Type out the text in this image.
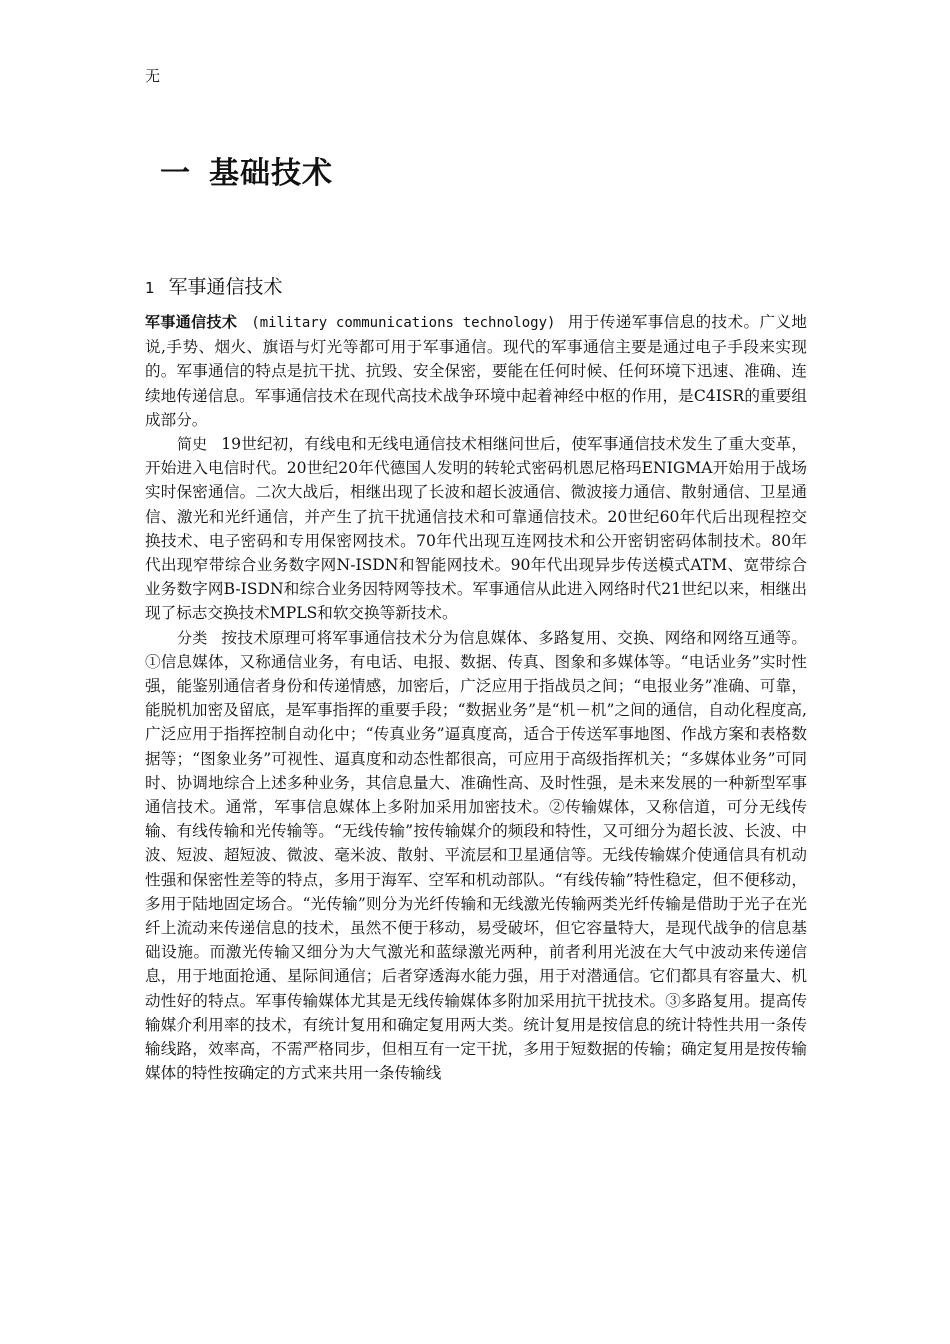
无
一 基础技术
1 军事通信技术

军事通信技术 (military communications technology) 用于传递军事信息的技术。广义地说,手势、烟火、旗语与灯光等都可用于军事通信。现代的军事通信主要是通过电子手段来实现的。军事通信的特点是抗干扰、抗毁、安全保密，要能在任何时候、任何环境下迅速、准确、连续地传递信息。军事通信技术在现代高技术战争环境中起着神经中枢的作用，是C4ISR的重要组成部分。

简史 19世纪初，有线电和无线电通信技术相继问世后，使军事通信技术发生了重大变革，开始进入电信时代。20世纪20年代德国人发明的转轮式密码机恩尼格玛ENIGMA开始用于战场实时保密通信。二次大战后，相继出现了长波和超长波通信、微波接力通信、散射通信、卫星通信、激光和光纤通信，并产生了抗干扰通信技术和可靠通信技术。20世纪60年代后出现程控交换技术、电子密码和专用保密网技术。70年代出现互连网技术和公开密钥密码体制技术。80年代出现窄带综合业务数字网N-ISDN和智能网技术。90年代出现异步传送模式ATM、宽带综合业务数字网B-ISDN和综合业务因特网等技术。军事通信从此进入网络时代21世纪以来，相继出现了标志交换技术MPLS和软交换等新技术。

分类 按技术原理可将军事通信技术分为信息媒体、多路复用、交换、网络和网络互通等。①信息媒体，又称通信业务，有电话、电报、数据、传真、图象和多媒体等。“电话业务”实时性强，能鉴别通信者身份和传递情感，加密后，广泛应用于指战员之间；“电报业务”准确、可靠，能脱机加密及留底，是军事指挥的重要手段；“数据业务”是“机－机”之间的通信，自动化程度高,广泛应用于指挥控制自动化中；“传真业务”逼真度高，适合于传送军事地图、作战方案和表格数据等；“图象业务”可视性、逼真度和动态性都很高，可应用于高级指挥机关；“多媒体业务”可同时、协调地综合上述多种业务，其信息量大、准确性高、及时性强，是未来发展的一种新型军事通信技术。通常，军事信息媒体上多附加采用加密技术。②传输媒体，又称信道，可分无线传输、有线传输和光传输等。“无线传输”按传输媒介的频段和特性，又可细分为超长波、长波、中波、短波、超短波、微波、毫米波、散射、平流层和卫星通信等。无线传输媒介使通信具有机动性强和保密性差等的特点，多用于海军、空军和机动部队。“有线传输”特性稳定，但不便移动，多用于陆地固定场合。“光传输”则分为光纤传输和无线激光传输两类光纤传输是借助于光子在光纤上流动来传递信息的技术，虽然不便于移动，易受破坏，但它容量特大，是现代战争的信息基础设施。而激光传输又细分为大气激光和蓝绿激光两种，前者利用光波在大气中波动来传递信息，用于地面抢通、星际间通信；后者穿透海水能力强，用于对潜通信。它们都具有容量大、机动性好的特点。军事传输媒体尤其是无线传输媒体多附加采用抗干扰技术。③多路复用。提高传输媒介利用率的技术，有统计复用和确定复用两大类。统计复用是按信息的统计特性共用一条传输线路，效率高，不需严格同步，但相互有一定干扰，多用于短数据的传输；确定复用是按传输媒体的特性按确定的方式来共用一条传输线
